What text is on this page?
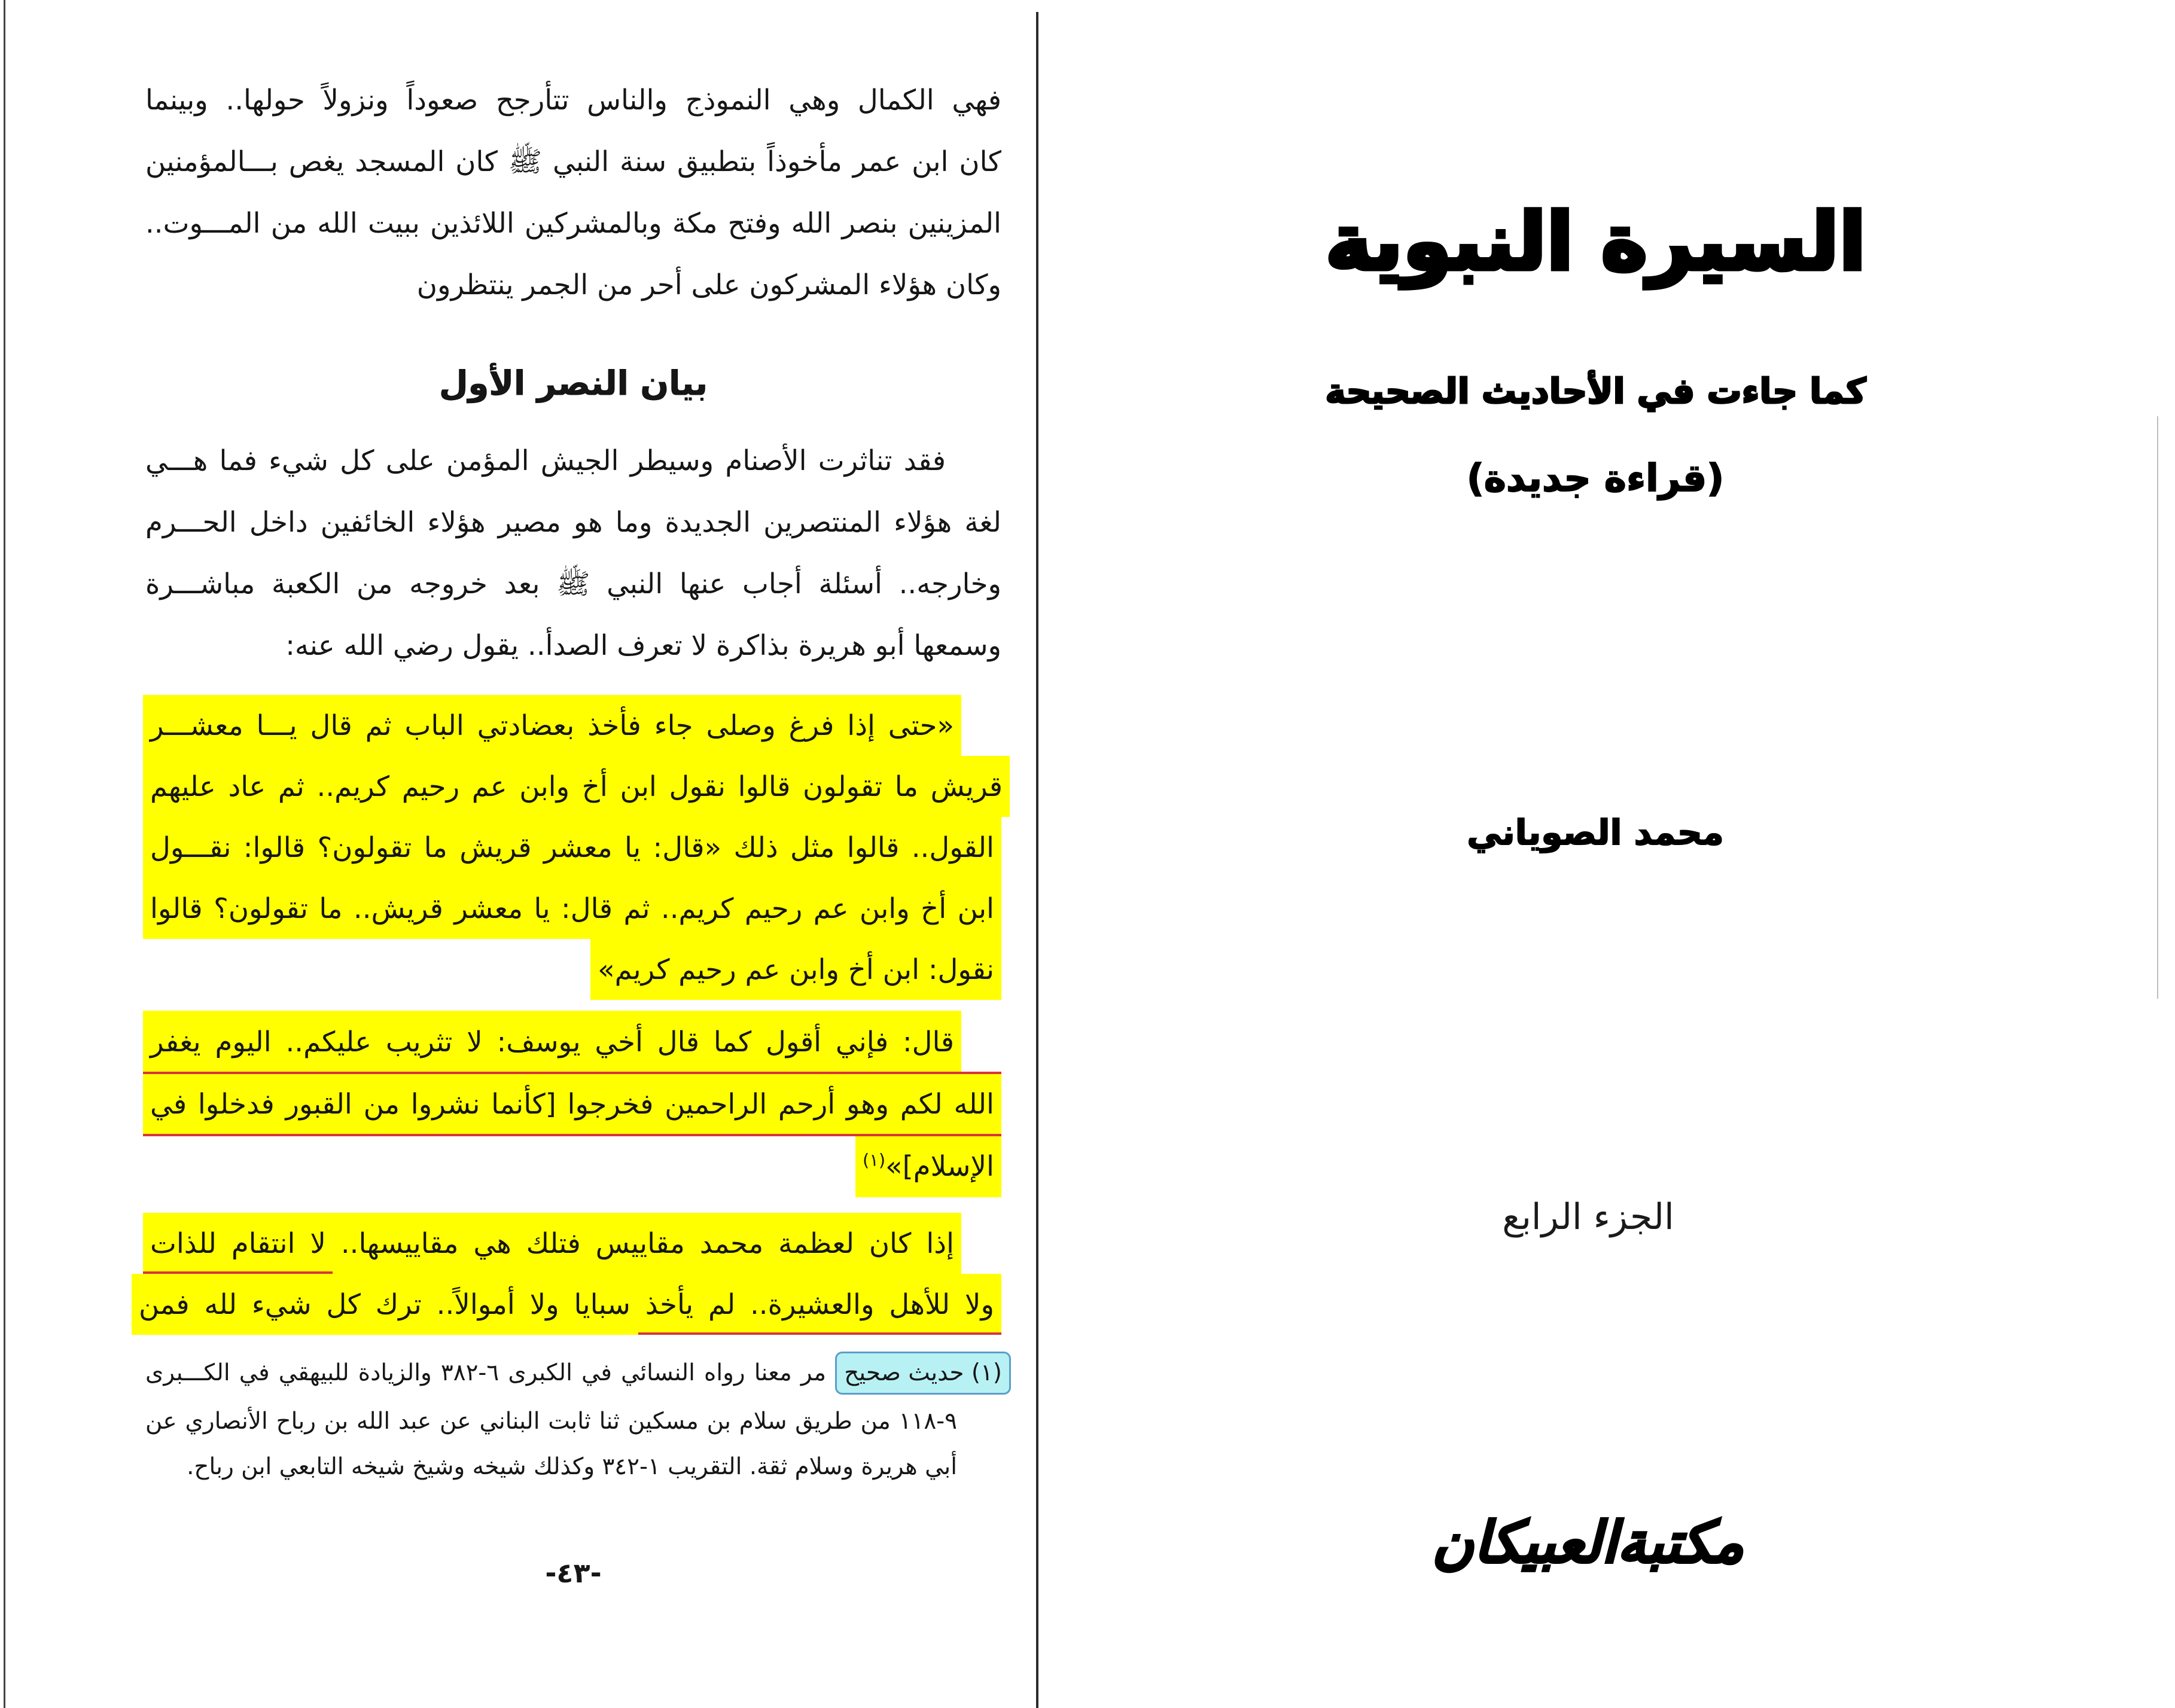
فهي الكمال وهي النموذج والناس تتأرجح صعوداً ونزولاً حولها.. وبينما
كان ابن عمر مأخوذاً بتطبيق سنة النبي ﷺ كان المسجد يغص بـــالمؤمنين
المزينين بنصر الله وفتح مكة وبالمشركين اللائذين ببيت الله من المـــوت..
وكان هؤلاء المشركون على أحر من الجمر ينتظرون
بيان النصر الأول
فقد تناثرت الأصنام وسيطر الجيش المؤمن على كل شيء فما هـــي
لغة هؤلاء المنتصرين الجديدة وما هو مصير هؤلاء الخائفين داخل الحـــرم
وخارجه.. أسئلة أجاب عنها النبي ﷺ بعد خروجه من الكعبة مباشـــرة
وسمعها أبو هريرة بذاكرة لا تعرف الصدأ.. يقول رضي الله عنه:
«حتى إذا فرغ وصلى جاء فأخذ بعضادتي الباب ثم قال يـــا معشـــر
قريش ما تقولون قالوا نقول ابن أخ وابن عم رحيم كريم.. ثم عاد عليهم
القول.. قالوا مثل ذلك «قال: يا معشر قريش ما تقولون؟ قالوا: نقـــول
ابن أخ وابن عم رحيم كريم.. ثم قال: يا معشر قريش.. ما تقولون؟ قالوا
نقول: ابن أخ وابن عم رحيم كريم»
قال: فإني أقول كما قال أخي يوسف: لا تثريب عليكم.. اليوم يغفر
الله لكم وهو أرحم الراحمين فخرجوا [كأنما نشروا من القبور فدخلوا في
الإسلام]»$^{(١)}$
إذا كان لعظمة محمد مقاييس فتلك هي مقاييسها.. لا انتقام للذات
ولا للأهل والعشيرة.. لم يأخذ سبايا ولا أموالاً.. ترك كل شيء لله فمن
(١) حديث صحيح مر معنا رواه النسائي في الكبرى ٦-٣٨٢ والزيادة للبيهقي في الكـــبرى
٩-١١٨ من طريق سلام بن مسكين ثنا ثابت البناني عن عبد الله بن رباح الأنصاري عن
أبي هريرة وسلام ثقة. التقريب ١-٣٤٢ وكذلك شيخه وشيخ شيخه التابعي ابن رباح.
-٤٣-
السيرة النبوية
كما جاءت في الأحاديث الصحيحة
(قراءة جديدة)
محمد الصوياني
الجزء الرابع
مكتبةالعبيكان
